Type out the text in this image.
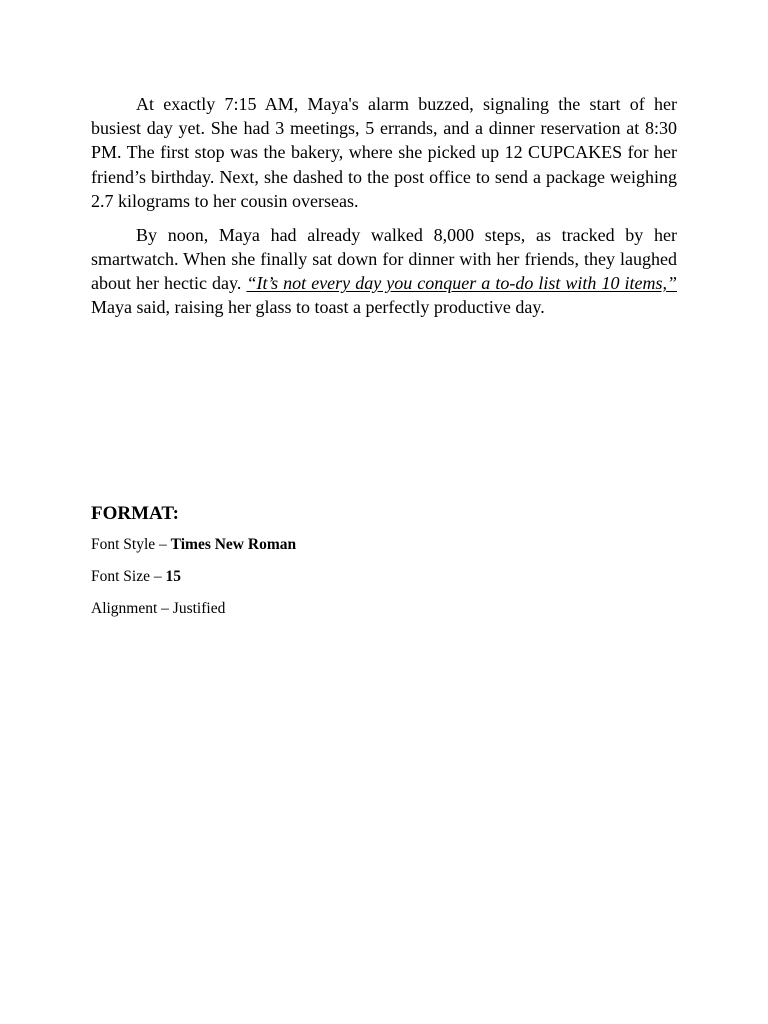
At exactly 7:15 AM, Maya's alarm buzzed, signaling the start of her busiest day yet. She had 3 meetings, 5 errands, and a dinner reservation at 8:30 PM. The first stop was the bakery, where she picked up 12 CUPCAKES for her friend’s birthday. Next, she dashed to the post office to send a package weighing 2.7 kilograms to her cousin overseas.

By noon, Maya had already walked 8,000 steps, as tracked by her smartwatch. When she finally sat down for dinner with her friends, they laughed about her hectic day. “It’s not every day you conquer a to-do list with 10 items,” Maya said, raising her glass to toast a perfectly productive day.

FORMAT:
Font Style – Times New Roman
Font Size – 15
Alignment – Justified
